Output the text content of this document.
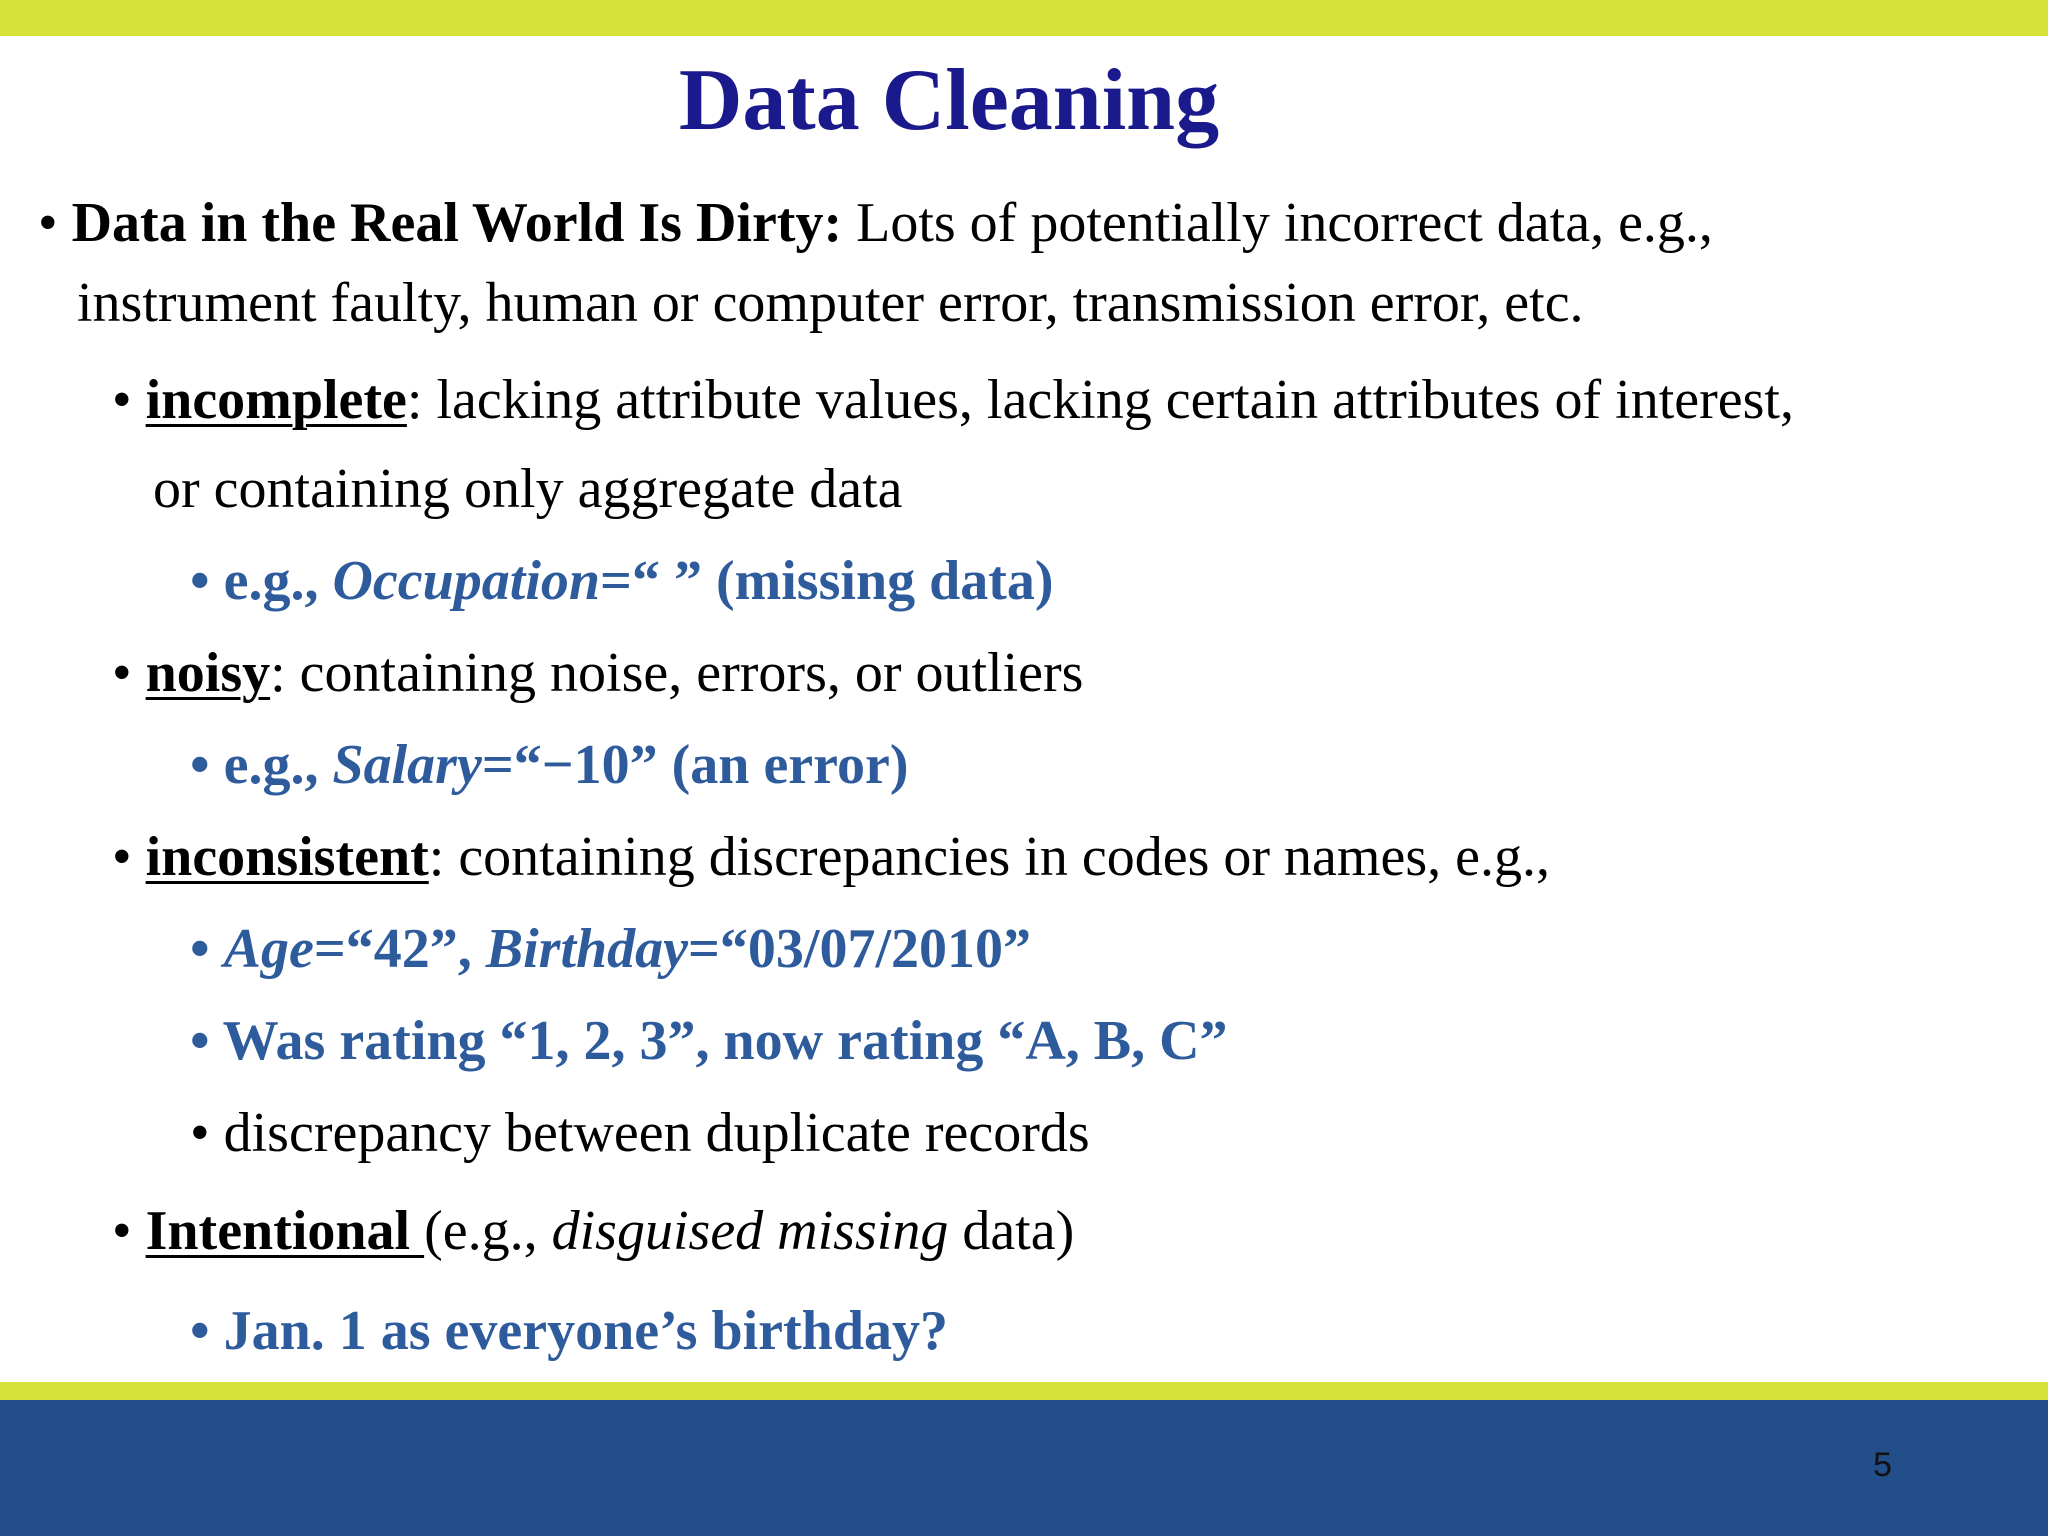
Data Cleaning
• Data in the Real World Is Dirty: Lots of potentially incorrect data, e.g.,
instrument faulty, human or computer error, transmission error, etc.
• incomplete: lacking attribute values, lacking certain attributes of interest,
or containing only aggregate data
• e.g., Occupation=“ ” (missing data)
• noisy: containing noise, errors, or outliers
• e.g., Salary=“−10” (an error)
• inconsistent: containing discrepancies in codes or names, e.g.,
• Age=“42”, Birthday=“03/07/2010”
• Was rating “1, 2, 3”, now rating “A, B, C”
• discrepancy between duplicate records
• Intentional (e.g., disguised missing data)
• Jan. 1 as everyone’s birthday?
5
